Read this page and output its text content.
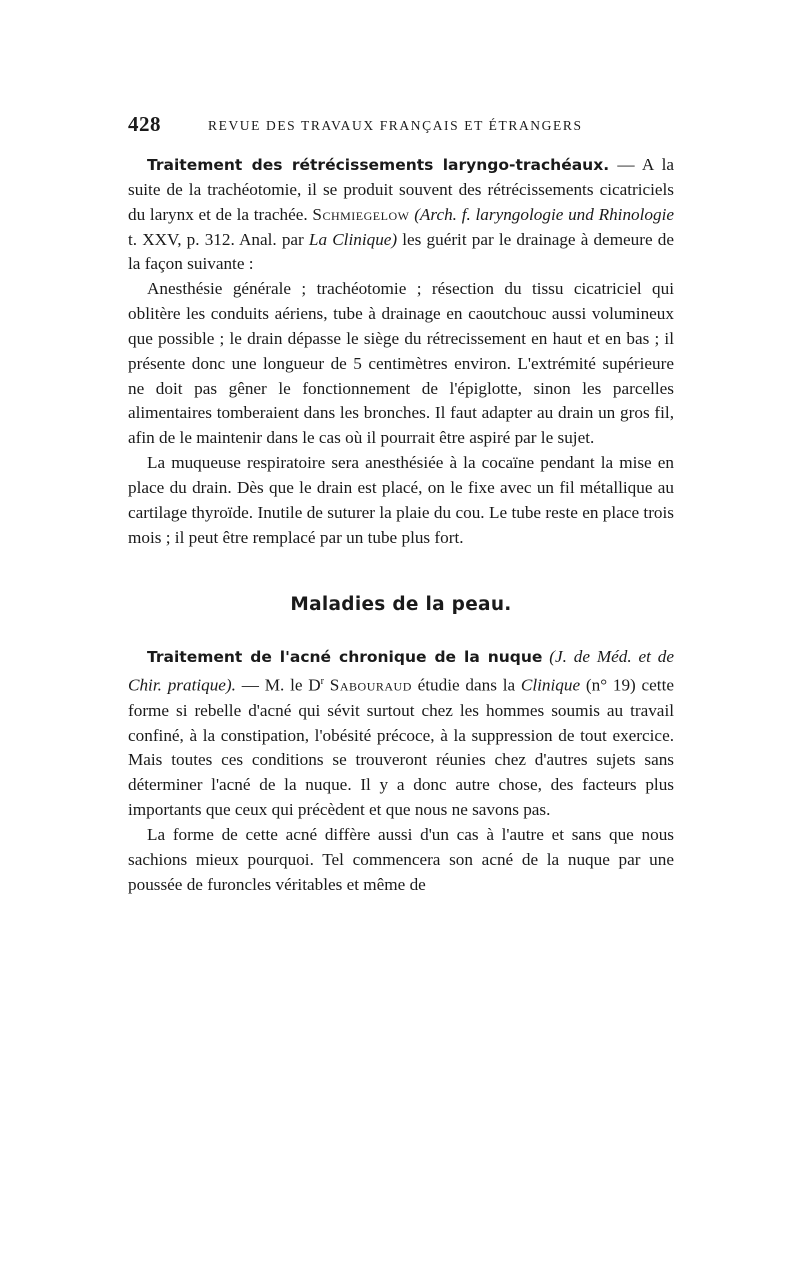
428	REVUE DES TRAVAUX FRANÇAIS ET ÉTRANGERS

Traitement des rétrécissements laryngo-trachéaux. — A la suite de la trachéotomie, il se produit souvent des rétrécissements cicatriciels du larynx et de la trachée. Schmiegelow (Arch. f. laryngologie und Rhinologie t. XXV, p. 312. Anal. par La Clinique) les guérit par le drainage à demeure de la façon suivante :

Anesthésie générale ; trachéotomie ; résection du tissu cicatriciel qui oblitère les conduits aériens, tube à drainage en caoutchouc aussi volumineux que possible ; le drain dépasse le siège du rétrecissement en haut et en bas ; il présente donc une longueur de 5 centimètres environ. L'extrémité supérieure ne doit pas gêner le fonctionnement de l'épiglotte, sinon les parcelles alimentaires tomberaient dans les bronches. Il faut adapter au drain un gros fil, afin de le maintenir dans le cas où il pourrait être aspiré par le sujet.

La muqueuse respiratoire sera anesthésiée à la cocaïne pendant la mise en place du drain. Dès que le drain est placé, on le fixe avec un fil métallique au cartilage thyroïde. Inutile de suturer la plaie du cou. Le tube reste en place trois mois ; il peut être remplacé par un tube plus fort.

Maladies de la peau.

Traitement de l'acné chronique de la nuque (J. de Méd. et de Chir. pratique). — M. le $D^r$ Sabouraud étudie dans la Clinique (n° 19) cette forme si rebelle d'acné qui sévit surtout chez les hommes soumis au travail confiné, à la constipation, l'obésité précoce, à la suppression de tout exercice. Mais toutes ces conditions se trouveront réunies chez d'autres sujets sans déterminer l'acné de la nuque. Il y a donc autre chose, des facteurs plus importants que ceux qui précèdent et que nous ne savons pas.

La forme de cette acné diffère aussi d'un cas à l'autre et sans que nous sachions mieux pourquoi. Tel commencera son acné de la nuque par une poussée de furoncles véritables et même de
